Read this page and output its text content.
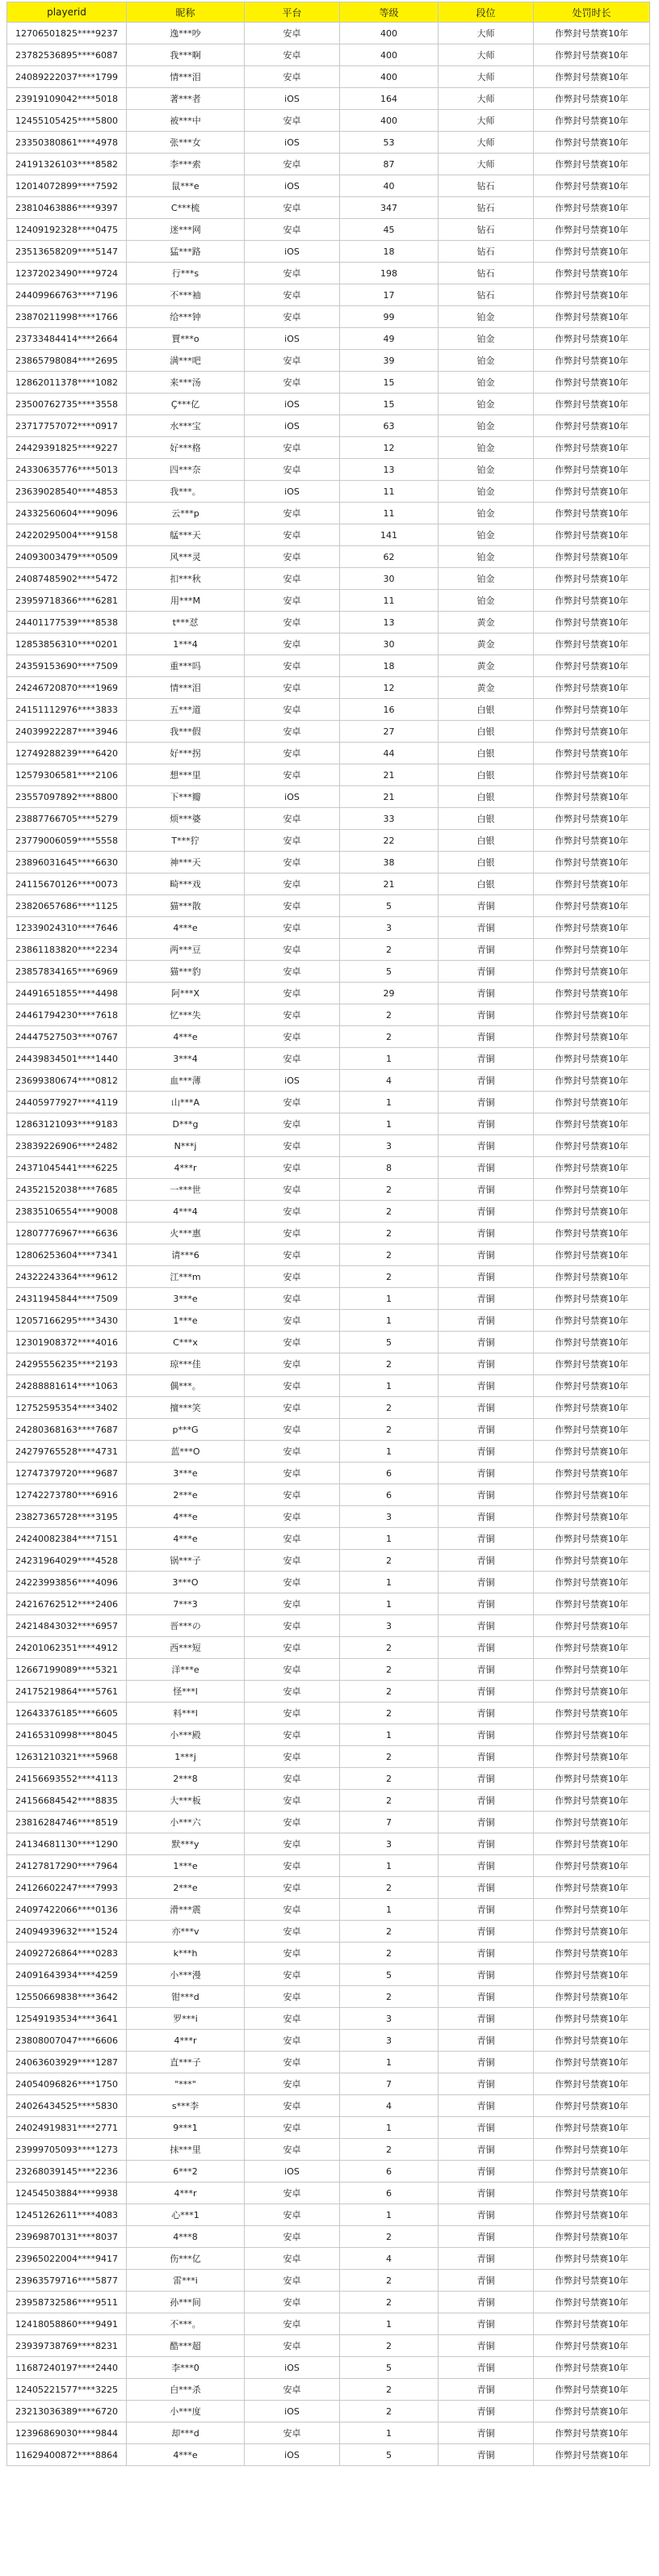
playerid	昵称	平台	等级	段位	处罚时长
12706501825****9237	逸***吵	安卓	400	大师	作弊封号禁赛10年
23782536895****6087	我***啊	安卓	400	大师	作弊封号禁赛10年
24089222037****1799	情***泪	安卓	400	大师	作弊封号禁赛10年
23919109042****5018	著***者	iOS	164	大师	作弊封号禁赛10年
12455105425****5800	被***中	安卓	400	大师	作弊封号禁赛10年
23350380861****4978	张***女	iOS	53	大师	作弊封号禁赛10年
24191326103****8582	李***索	安卓	87	大师	作弊封号禁赛10年
12014072899****7592	鼠***e	iOS	40	钻石	作弊封号禁赛10年
23810463886****9397	C***梳	安卓	347	钻石	作弊封号禁赛10年
12409192328****0475	迷***网	安卓	45	钻石	作弊封号禁赛10年
23513658209****5147	猛***路	iOS	18	钻石	作弊封号禁赛10年
12372023490****9724	行***s	安卓	198	钻石	作弊封号禁赛10年
24409966763****7196	不***袖	安卓	17	钻石	作弊封号禁赛10年
23870211998****1766	给***钟	安卓	99	铂金	作弊封号禁赛10年
23733484414****2664	賈***o	iOS	49	铂金	作弊封号禁赛10年
23865798084****2695	满***吧	安卓	39	铂金	作弊封号禁赛10年
12862011378****1082	来***汤	安卓	15	铂金	作弊封号禁赛10年
23500762735****3558	Ç***亿	iOS	15	铂金	作弊封号禁赛10年
23717757072****0917	水***宝	iOS	63	铂金	作弊封号禁赛10年
24429391825****9227	好***格	安卓	12	铂金	作弊封号禁赛10年
24330635776****5013	四***奈	安卓	13	铂金	作弊封号禁赛10年
23639028540****4853	我***。	iOS	11	铂金	作弊封号禁赛10年
24332560604****9096	云***p	安卓	11	铂金	作弊封号禁赛10年
24220295004****9158	艋***天	安卓	141	铂金	作弊封号禁赛10年
24093003479****0509	风***灵	安卓	62	铂金	作弊封号禁赛10年
24087485902****5472	扣***秋	安卓	30	铂金	作弊封号禁赛10年
23959718366****6281	用***M	安卓	11	铂金	作弊封号禁赛10年
24401177539****8538	t***怼	安卓	13	黄金	作弊封号禁赛10年
12853856310****0201	1***4	安卓	30	黄金	作弊封号禁赛10年
24359153690****7509	重***吗	安卓	18	黄金	作弊封号禁赛10年
24246720870****1969	情***泪	安卓	12	黄金	作弊封号禁赛10年
24151112976****3833	五***道	安卓	16	白银	作弊封号禁赛10年
24039922287****3946	我***假	安卓	27	白银	作弊封号禁赛10年
12749288239****6420	好***拐	安卓	44	白银	作弊封号禁赛10年
12579306581****2106	想***里	安卓	21	白银	作弊封号禁赛10年
23557097892****8800	下***瓣	iOS	21	白银	作弊封号禁赛10年
23887766705****5279	烦***婆	安卓	33	白银	作弊封号禁赛10年
23779006059****5558	T***狞	安卓	22	白银	作弊封号禁赛10年
23896031645****6630	神***天	安卓	38	白银	作弊封号禁赛10年
24115670126****0073	畸***戏	安卓	21	白银	作弊封号禁赛10年
23820657686****1125	猫***散	安卓	5	青铜	作弊封号禁赛10年
12339024310****7646	4***e	安卓	3	青铜	作弊封号禁赛10年
23861183820****2234	两***豆	安卓	2	青铜	作弊封号禁赛10年
23857834165****6969	猫***豹	安卓	5	青铜	作弊封号禁赛10年
24491651855****4498	阿***X	安卓	29	青铜	作弊封号禁赛10年
24461794230****7618	忆***失	安卓	2	青铜	作弊封号禁赛10年
24447527503****0767	4***e	安卓	2	青铜	作弊封号禁赛10年
24439834501****1440	3***4	安卓	1	青铜	作弊封号禁赛10年
23699380674****0812	血***薄	iOS	4	青铜	作弊封号禁赛10年
24405977927****4119	山***A	安卓	1	青铜	作弊封号禁赛10年
12863121093****9183	D***g	安卓	1	青铜	作弊封号禁赛10年
23839226906****2482	N***j	安卓	3	青铜	作弊封号禁赛10年
24371045441****6225	4***r	安卓	8	青铜	作弊封号禁赛10年
24352152038****7685	一***世	安卓	2	青铜	作弊封号禁赛10年
23835106554****9008	4***4	安卓	2	青铜	作弊封号禁赛10年
12807776967****6636	火***惠	安卓	2	青铜	作弊封号禁赛10年
12806253604****7341	请***6	安卓	2	青铜	作弊封号禁赛10年
24322243364****9612	江***m	安卓	2	青铜	作弊封号禁赛10年
24311945844****7509	3***e	安卓	1	青铜	作弊封号禁赛10年
12057166295****3430	1***e	安卓	1	青铜	作弊封号禁赛10年
12301908372****4016	C***x	安卓	5	青铜	作弊封号禁赛10年
24295556235****2193	琼***佳	安卓	2	青铜	作弊封号禁赛10年
24288881614****1063	偶***。	安卓	1	青铜	作弊封号禁赛10年
12752595354****3402	擅***笑	安卓	2	青铜	作弊封号禁赛10年
24280368163****7687	p***G	安卓	2	青铜	作弊封号禁赛10年
24279765528****4731	蓝***O	安卓	1	青铜	作弊封号禁赛10年
12747379720****9687	3***e	安卓	6	青铜	作弊封号禁赛10年
12742273780****6916	2***e	安卓	6	青铜	作弊封号禁赛10年
23827365728****3195	4***e	安卓	3	青铜	作弊封号禁赛10年
24240082384****7151	4***e	安卓	1	青铜	作弊封号禁赛10年
24231964029****4528	锅***子	安卓	2	青铜	作弊封号禁赛10年
24223993856****4096	3***O	安卓	1	青铜	作弊封号禁赛10年
24216762512****2406	7***3	安卓	1	青铜	作弊封号禁赛10年
24214843032****6957	晋***の	安卓	3	青铜	作弊封号禁赛10年
24201062351****4912	西***短	安卓	2	青铜	作弊封号禁赛10年
12667199089****5321	洋***e	安卓	2	青铜	作弊封号禁赛10年
24175219864****5761	怪***l	安卓	2	青铜	作弊封号禁赛10年
12643376185****6605	料***l	安卓	2	青铜	作弊封号禁赛10年
24165310998****8045	小***殿	安卓	1	青铜	作弊封号禁赛10年
12631210321****5968	1***j	安卓	2	青铜	作弊封号禁赛10年
24156693552****4113	2***8	安卓	2	青铜	作弊封号禁赛10年
24156684542****8835	大***板	安卓	2	青铜	作弊封号禁赛10年
23816284746****8519	小***六	安卓	7	青铜	作弊封号禁赛10年
24134681130****1290	默***y	安卓	3	青铜	作弊封号禁赛10年
24127817290****7964	1***e	安卓	1	青铜	作弊封号禁赛10年
24126602247****7993	2***e	安卓	2	青铜	作弊封号禁赛10年
24097422066****0136	滑***震	安卓	1	青铜	作弊封号禁赛10年
24094939632****1524	亦***v	安卓	2	青铜	作弊封号禁赛10年
24092726864****0283	k***h	安卓	2	青铜	作弊封号禁赛10年
24091643934****4259	小***漫	安卓	5	青铜	作弊封号禁赛10年
12550669838****3642	钳***d	安卓	2	青铜	作弊封号禁赛10年
12549193534****3641	罗***i	安卓	3	青铜	作弊封号禁赛10年
23808007047****6606	4***r	安卓	3	青铜	作弊封号禁赛10年
24063603929****1287	直***子	安卓	1	青铜	作弊封号禁赛10年
24054096826****1750	"***"	安卓	7	青铜	作弊封号禁赛10年
24026434525****5830	s***李	安卓	4	青铜	作弊封号禁赛10年
24024919831****2771	9***1	安卓	1	青铜	作弊封号禁赛10年
23999705093****1273	抹***里	安卓	2	青铜	作弊封号禁赛10年
23268039145****2236	6***2	iOS	6	青铜	作弊封号禁赛10年
12454503884****9938	4***r	安卓	6	青铜	作弊封号禁赛10年
12451262611****4083	心***1	安卓	1	青铜	作弊封号禁赛10年
23969870131****8037	4***8	安卓	2	青铜	作弊封号禁赛10年
23965022004****9417	伤***亿	安卓	4	青铜	作弊封号禁赛10年
23963579716****5877	雷***i	安卓	2	青铜	作弊封号禁赛10年
23958732586****9511	孙***间	安卓	2	青铜	作弊封号禁赛10年
12418058860****9491	不***。	安卓	1	青铜	作弊封号禁赛10年
23939738769****8231	酷***超	安卓	2	青铜	作弊封号禁赛10年
11687240197****2440	李***0	iOS	5	青铜	作弊封号禁赛10年
12405221577****3225	白***杀	安卓	2	青铜	作弊封号禁赛10年
23213036389****6720	小***度	iOS	2	青铜	作弊封号禁赛10年
12396869030****9844	却***d	安卓	1	青铜	作弊封号禁赛10年
11629400872****8864	4***e	iOS	5	青铜	作弊封号禁赛10年
